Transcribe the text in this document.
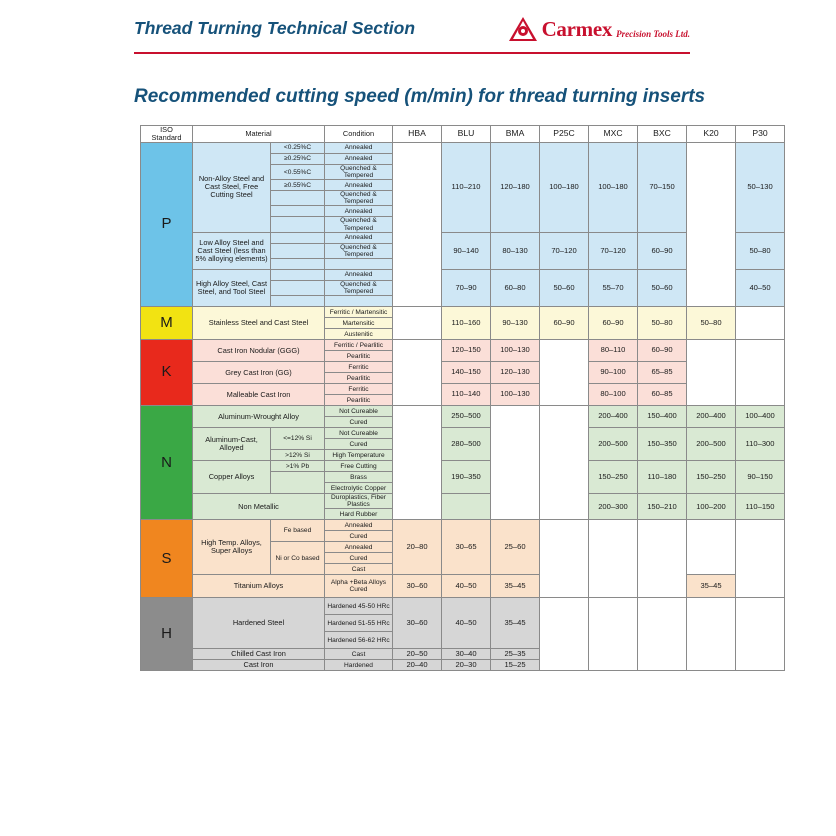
Thread Turning Technical Section	Carmex Precision Tools Ltd.
Recommended cutting speed (m/min) for thread turning inserts
ISO
Standard	Material		Condition	HBA	BLU	BMA	P25C	MXC	BXC	K20	P30
P	Non-Alloy Steel and Cast Steel, Free Cutting Steel	<0.25%C	Annealed		110–210	120–180	100–180	100–180	70–150		50–130
		≥0.25%C	Annealed								
		<0.55%C	Quenched & Tempered								
		≥0.55%C	Annealed								
			Quenched & Tempered								
			Annealed								
			Quenched & Tempered								
	Low Alloy Steel and Cast Steel (less than 5% alloying elements)		Annealed		90–140	80–130	70–120	70–120	60–90		50–80
			Quenched & Tempered								

	High Alloy Steel, Cast Steel, and Tool Steel		Annealed		70–90	60–80	50–60	55–70	50–60		40–50
			Quenched & Tempered								

M	Stainless Steel and Cast Steel		Ferritic / Martensitic		110–160	90–130	60–90	60–90	50–80	50–80	
			Martensitic								
			Austenitic								
K	Cast Iron Nodular (GGG)		Ferritic / Pearlitic		120–150	100–130		80–110	60–90		
			Pearlitic								
	Grey Cast Iron (GG)		Ferritic		140–150	120–130		90–100	65–85		
			Pearlitic								
	Malleable Cast Iron		Ferritic		110–140	100–130		80–100	60–85		
			Pearlitic								
N	Aluminum-Wrought Alloy		Not Cureable		250–500			200–400	150–400	200–400	100–400
			Cured								
	Aluminum-Cast, Alloyed	<=12% Si	Not Cureable		280–500			200–500	150–350	200–500	110–300
			Cured								
		>12% Si	High Temperature								
	Copper Alloys	>1% Pb	Free Cutting		190–350			150–250	110–180	150–250	90–150
			Brass								
			Electrolytic Copper								
	Non Metallic		Duroplastics, Fiber Plastics					200–300	150–210	100–200	110–150
			Hard Rubber								
S	High Temp. Alloys, Super Alloys	Fe based	Annealed	20–80	30–65	25–60					
			Cured								
		Ni or Co based	Annealed								
			Cured								
			Cast								
	Titanium Alloys		Alpha +Beta Alloys Cured	30–60	40–50	35–45				35–45	
H	Hardened Steel		Hardened 45-50 HRc	30–60	40–50	35–45					
			Hardened 51-55 HRc								
			Hardened 56-62 HRc								
	Chilled Cast Iron		Cast	20–50	30–40	25–35					
	Cast Iron		Hardened	20–40	20–30	15–25					
